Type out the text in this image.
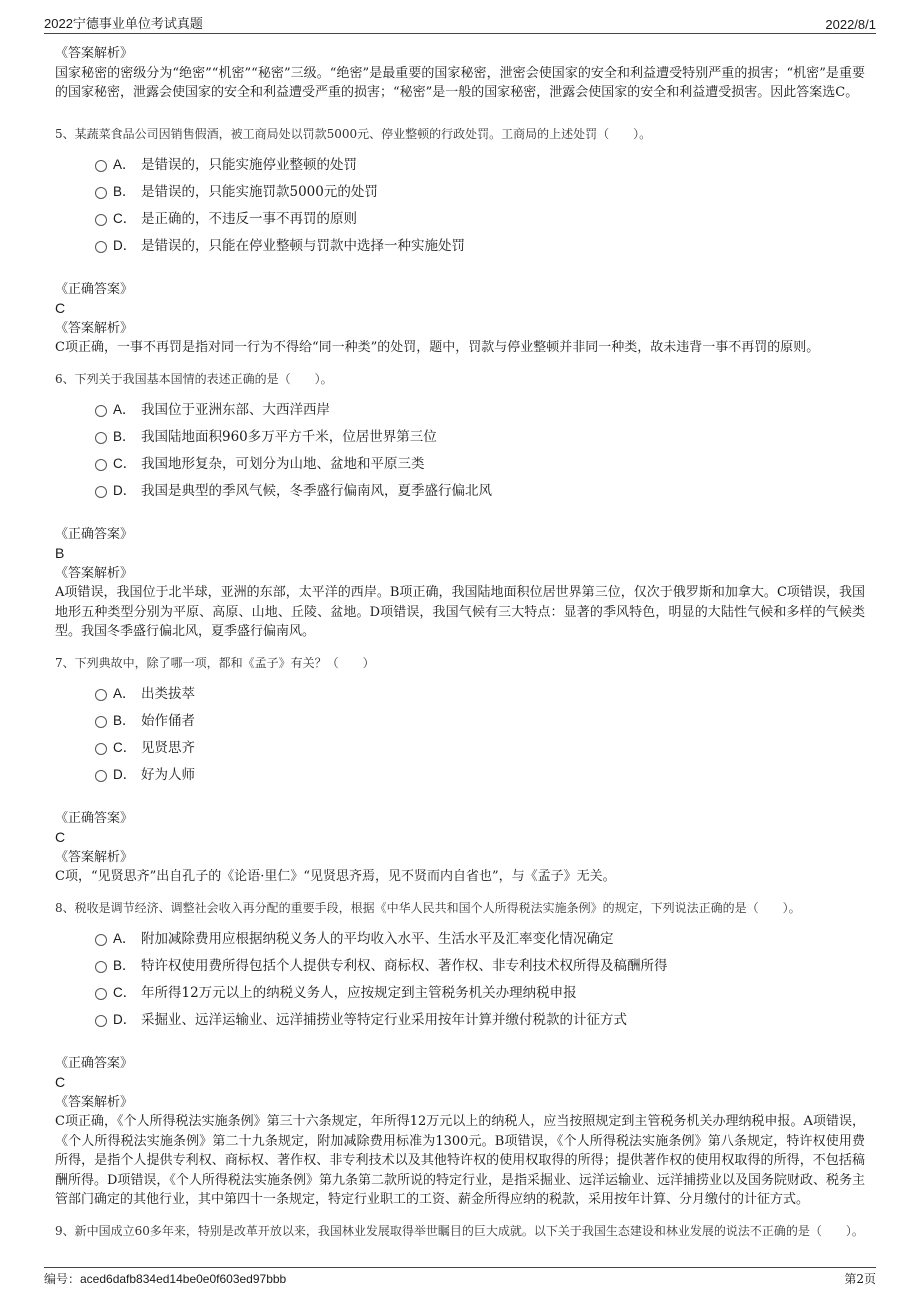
2022宁德事业单位考试真题	2022/8/1

《答案解析》

国家秘密的密级分为“绝密”“机密”“秘密”三级。“绝密”是最重要的国家秘密，泄密会使国家的安全和利益遭受特别严重的损害；“机密”是重要的国家秘密，泄露会使国家的安全和利益遭受严重的损害；“秘密”是一般的国家秘密，泄露会使国家的安全和利益遭受损害。因此答案选C。

5、某蔬菜食品公司因销售假酒，被工商局处以罚款5000元、停业整顿的行政处罚。工商局的上述处罚（　　）。

A． 是错误的，只能实施停业整顿的处罚
B． 是错误的，只能实施罚款5000元的处罚
C． 是正确的，不违反一事不再罚的原则
D． 是错误的，只能在停业整顿与罚款中选择一种实施处罚

《正确答案》

C

《答案解析》

C项正确，一事不再罚是指对同一行为不得给“同一种类”的处罚，题中，罚款与停业整顿并非同一种类，故未违背一事不再罚的原则。

6、下列关于我国基本国情的表述正确的是（　　）。

A． 我国位于亚洲东部、大西洋西岸
B． 我国陆地面积960多万平方千米，位居世界第三位
C． 我国地形复杂，可划分为山地、盆地和平原三类
D． 我国是典型的季风气候，冬季盛行偏南风，夏季盛行偏北风

《正确答案》

B

《答案解析》

A项错误，我国位于北半球，亚洲的东部，太平洋的西岸。B项正确，我国陆地面积位居世界第三位，仅次于俄罗斯和加拿大。C项错误，我国地形五种类型分别为平原、高原、山地、丘陵、盆地。D项错误，我国气候有三大特点：显著的季风特色，明显的大陆性气候和多样的气候类型。我国冬季盛行偏北风，夏季盛行偏南风。

7、下列典故中，除了哪一项，都和《孟子》有关？（　　）

A． 出类拔萃
B． 始作俑者
C． 见贤思齐
D． 好为人师

《正确答案》

C

《答案解析》

C项，“见贤思齐”出自孔子的《论语·里仁》“见贤思齐焉，见不贤而内自省也”，与《孟子》无关。

8、税收是调节经济、调整社会收入再分配的重要手段，根据《中华人民共和国个人所得税法实施条例》的规定，下列说法正确的是（　　）。

A． 附加减除费用应根据纳税义务人的平均收入水平、生活水平及汇率变化情况确定
B． 特许权使用费所得包括个人提供专利权、商标权、著作权、非专利技术权所得及稿酬所得
C． 年所得12万元以上的纳税义务人，应按规定到主管税务机关办理纳税申报
D． 采掘业、远洋运输业、远洋捕捞业等特定行业采用按年计算并缴付税款的计征方式

《正确答案》

C

《答案解析》

C项正确，《个人所得税法实施条例》第三十六条规定，年所得12万元以上的纳税人，应当按照规定到主管税务机关办理纳税申报。A项错误，《个人所得税法实施条例》第二十九条规定，附加减除费用标准为1300元。B项错误，《个人所得税法实施条例》第八条规定，特许权使用费所得，是指个人提供专利权、商标权、著作权、非专利技术以及其他特许权的使用权取得的所得；提供著作权的使用权取得的所得，不包括稿酬所得。D项错误，《个人所得税法实施条例》第九条第二款所说的特定行业，是指采掘业、远洋运输业、远洋捕捞业以及国务院财政、税务主管部门确定的其他行业，其中第四十一条规定，特定行业职工的工资、薪金所得应纳的税款，采用按年计算、分月缴付的计征方式。

9、新中国成立60多年来，特别是改革开放以来，我国林业发展取得举世瞩目的巨大成就。以下关于我国生态建设和林业发展的说法不正确的是（　　）。

编号：aced6dafb834ed14be0e0f603ed97bbb	第2页
